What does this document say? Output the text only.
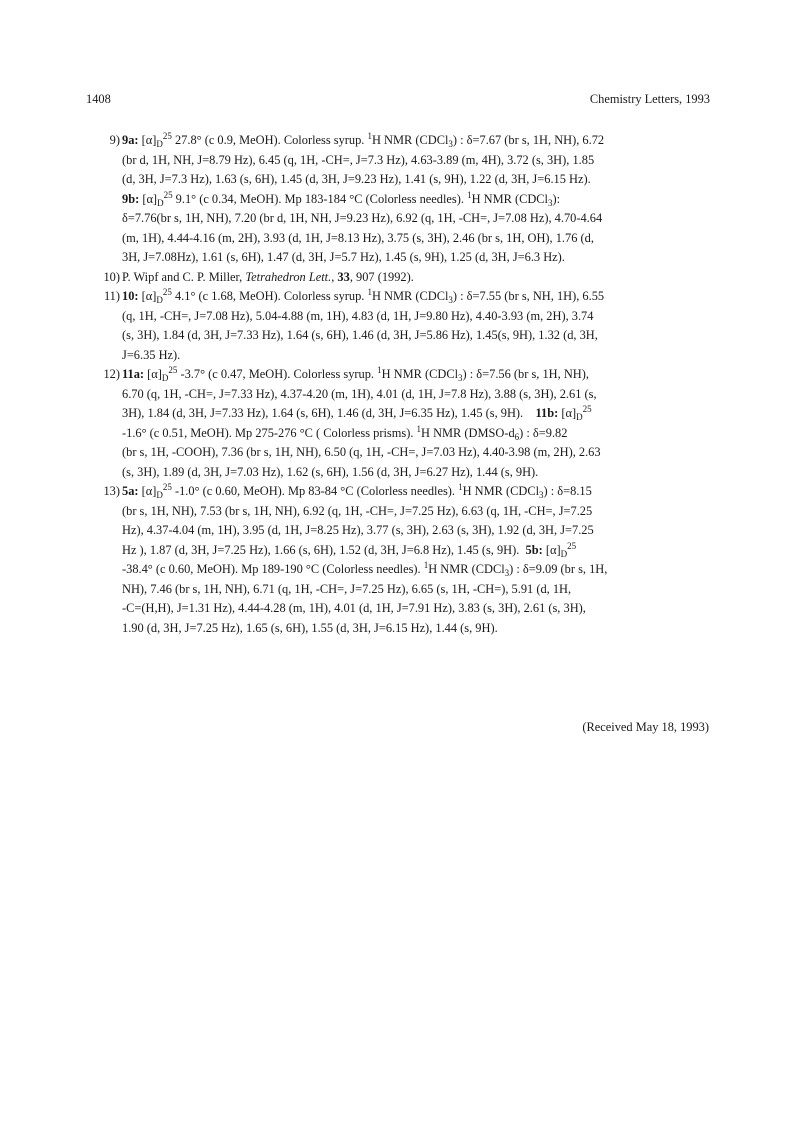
1408	Chemistry Letters, 1993
9) 9a: $[\alpha]_D^{25}$ 27.8° (c 0.9, MeOH). Colorless syrup. $^1$H NMR (CDCl$_3$) : δ=7.67 (br s, 1H, NH), 6.72
(br d, 1H, NH, J=8.79 Hz), 6.45 (q, 1H, -CH=, J=7.3 Hz), 4.63-3.89 (m, 4H), 3.72 (s, 3H), 1.85
(d, 3H, J=7.3 Hz), 1.63 (s, 6H), 1.45 (d, 3H, J=9.23 Hz), 1.41 (s, 9H), 1.22 (d, 3H, J=6.15 Hz).
9b: $[\alpha]_D^{25}$ 9.1° (c 0.34, MeOH). Mp 183-184 °C (Colorless needles). $^1$H NMR (CDCl$_3$):
δ=7.76(br s, 1H, NH), 7.20 (br d, 1H, NH, J=9.23 Hz), 6.92 (q, 1H, -CH=, J=7.08 Hz), 4.70-4.64
(m, 1H), 4.44-4.16 (m, 2H), 3.93 (d, 1H, J=8.13 Hz), 3.75 (s, 3H), 2.46 (br s, 1H, OH), 1.76 (d,
3H, J=7.08Hz), 1.61 (s, 6H), 1.47 (d, 3H, J=5.7 Hz), 1.45 (s, 9H), 1.25 (d, 3H, J=6.3 Hz).
10) P. Wipf and C. P. Miller, Tetrahedron Lett., 33, 907 (1992).
11) 10: $[\alpha]_D^{25}$ 4.1° (c 1.68, MeOH). Colorless syrup. $^1$H NMR (CDCl$_3$) : δ=7.55 (br s, NH, 1H), 6.55
(q, 1H, -CH=, J=7.08 Hz), 5.04-4.88 (m, 1H), 4.83 (d, 1H, J=9.80 Hz), 4.40-3.93 (m, 2H), 3.74
(s, 3H), 1.84 (d, 3H, J=7.33 Hz), 1.64 (s, 6H), 1.46 (d, 3H, J=5.86 Hz), 1.45(s, 9H), 1.32 (d, 3H,
J=6.35 Hz).
12) 11a: $[\alpha]_D^{25}$ -3.7° (c 0.47, MeOH). Colorless syrup. $^1$H NMR (CDCl$_3$) : δ=7.56 (br s, 1H, NH),
6.70 (q, 1H, -CH=, J=7.33 Hz), 4.37-4.20 (m, 1H), 4.01 (d, 1H, J=7.8 Hz), 3.88 (s, 3H), 2.61 (s,
3H), 1.84 (d, 3H, J=7.33 Hz), 1.64 (s, 6H), 1.46 (d, 3H, J=6.35 Hz), 1.45 (s, 9H).    11b: $[\alpha]_D^{25}$
-1.6° (c 0.51, MeOH). Mp 275-276 °C ( Colorless prisms). $^1$H NMR $(DMSO-d_6)$ : δ=9.82
(br s, 1H, -COOH), 7.36 (br s, 1H, NH), 6.50 (q, 1H, -CH=, J=7.03 Hz), 4.40-3.98 (m, 2H), 2.63
(s, 3H), 1.89 (d, 3H, J=7.03 Hz), 1.62 (s, 6H), 1.56 (d, 3H, J=6.27 Hz), 1.44 (s, 9H).
13) 5a: $[\alpha]_D^{25}$ -1.0° (c 0.60, MeOH). Mp 83-84 °C (Colorless needles). $^1$H NMR (CDCl$_3$) : δ=8.15
(br s, 1H, NH), 7.53 (br s, 1H, NH), 6.92 (q, 1H, -CH=, J=7.25 Hz), 6.63 (q, 1H, -CH=, J=7.25
Hz), 4.37-4.04 (m, 1H), 3.95 (d, 1H, J=8.25 Hz), 3.77 (s, 3H), 2.63 (s, 3H), 1.92 (d, 3H, J=7.25
Hz ), 1.87 (d, 3H, J=7.25 Hz), 1.66 (s, 6H), 1.52 (d, 3H, J=6.8 Hz), 1.45 (s, 9H).  5b: $[\alpha]_D^{25}$
-38.4° (c 0.60, MeOH). Mp 189-190 °C (Colorless needles). $^1$H NMR (CDCl$_3$) : δ=9.09 (br s, 1H,
NH), 7.46 (br s, 1H, NH), 6.71 (q, 1H, -CH=, J=7.25 Hz), 6.65 (s, 1H, -CH=), 5.91 (d, 1H,
-C=(H,H), J=1.31 Hz), 4.44-4.28 (m, 1H), 4.01 (d, 1H, J=7.91 Hz), 3.83 (s, 3H), 2.61 (s, 3H),
1.90 (d, 3H, J=7.25 Hz), 1.65 (s, 6H), 1.55 (d, 3H, J=6.15 Hz), 1.44 (s, 9H).
(Received May 18, 1993)
